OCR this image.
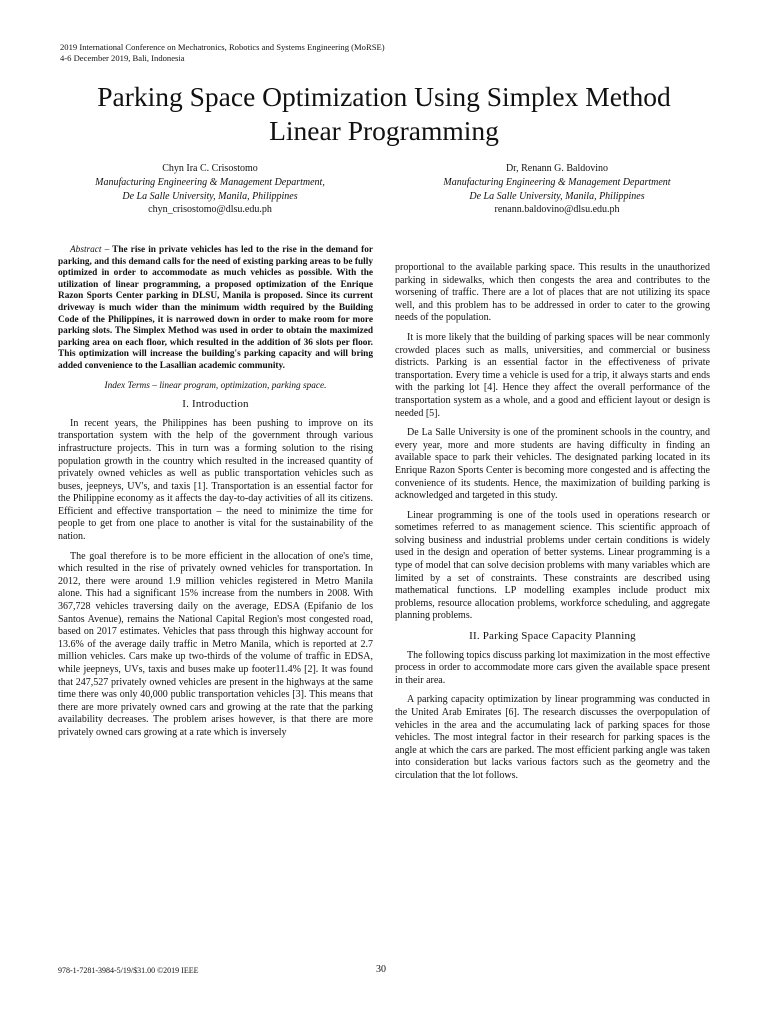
2019 International Conference on Mechatronics, Robotics and Systems Engineering (MoRSE)
4-6 December 2019, Bali, Indonesia
Parking Space Optimization Using Simplex Method
Linear Programming
Chyn Ira C. Crisostomo
Manufacturing Engineering & Management Department,
De La Salle University, Manila, Philippines
chyn_crisostomo@dlsu.edu.ph
Dr, Renann G. Baldovino
Manufacturing Engineering & Management Department
De La Salle University, Manila, Philippines
renann.baldovino@dlsu.edu.ph

Abstract – The rise in private vehicles has led to the rise in the demand for parking, and this demand calls for the need of existing parking areas to be fully optimized in order to accommodate as much vehicles as possible. With the utilization of linear programming, a proposed optimization of the Enrique Razon Sports Center parking in DLSU, Manila is proposed. Since its current driveway is much wider than the minimum width required by the Building Code of the Philippines, it is narrowed down in order to make room for more parking slots. The Simplex Method was used in order to obtain the maximized parking area on each floor, which resulted in the addition of 36 slots per floor. This optimization will increase the building's parking capacity and will bring added convenience to the Lasallian academic community.

Index Terms – linear program, optimization, parking space.
I. Introduction

In recent years, the Philippines has been pushing to improve on its transportation system with the help of the government through various infrastructure projects. This in turn was a forming solution to the rising population growth in the country which resulted in the increased quantity of privately owned vehicles as well as public transportation vehicles such as buses, jeepneys, UV's, and taxis [1]. Transportation is an essential factor for the Philippine economy as it affects the day-to-day activities of all its citizens. Efficient and effective transportation – the need to minimize the time for people to get from one place to another is vital for the sustainability of the nation.

The goal therefore is to be more efficient in the allocation of one's time, which resulted in the rise of privately owned vehicles for transportation. In 2012, there were around 1.9 million vehicles registered in Metro Manila alone. This had a significant 15% increase from the numbers in 2008. With 367,728 vehicles traversing daily on the average, EDSA (Epifanio de los Santos Avenue), remains the National Capital Region's most congested road, based on 2017 estimates. Vehicles that pass through this highway account for 13.6% of the average daily traffic in Metro Manila, which is reported at 2.7 million vehicles. Cars make up two-thirds of the volume of traffic in EDSA, while jeepneys, UVs, taxis and buses make up footer11.4% [2]. It was found that 247,527 privately owned vehicles are present in the highways at the same time there was only 40,000 public transportation vehicles [3]. This means that there are more privately owned cars and growing at the rate that the parking availability decreases. The problem arises however, is that there are more privately owned cars growing at a rate which is inversely

proportional to the available parking space. This results in the unauthorized parking in sidewalks, which then congests the area and contributes to the worsening of traffic. There are a lot of places that are not utilizing its space well, and this problem has to be addressed in order to cater to the growing needs of the population.

It is more likely that the building of parking spaces will be near commonly crowded places such as malls, universities, and commercial or business districts. Parking is an essential factor in the effectiveness of private transportation. Every time a vehicle is used for a trip, it always starts and ends with the parking lot [4]. Hence they affect the overall performance of the transportation system as a whole, and a good and efficient layout or design is needed [5].

De La Salle University is one of the prominent schools in the country, and every year, more and more students are having difficulty in finding an available space to park their vehicles. The designated parking located in its Enrique Razon Sports Center is becoming more congested and is affecting the convenience of its students. Hence, the maximization of building parking is acknowledged and targeted in this study.

Linear programming is one of the tools used in operations research or sometimes referred to as management science. This scientific approach of solving business and industrial problems under certain conditions is widely used in the design and operation of better systems. Linear programming is a type of model that can solve decision problems with many variables which are limited by a set of constraints. These constraints are described using mathematical functions. LP modelling examples include product mix problems, resource allocation problems, workforce scheduling, and aggregate planning problems.

II. Parking Space Capacity Planning

The following topics discuss parking lot maximization in the most effective process in order to accommodate more cars given the available space present in their area.

A parking capacity optimization by linear programming was conducted in the United Arab Emirates [6]. The research discusses the overpopulation of vehicles in the area and the accumulating lack of parking spaces for those vehicles. The most integral factor in their research for parking spaces is the angle at which the cars are parked. The most efficient parking angle was taken into consideration but lacks various factors such as the geometry and the circulation that the lot follows.

978-1-7281-3984-5/19/$31.00 ©2019 IEEE	30
